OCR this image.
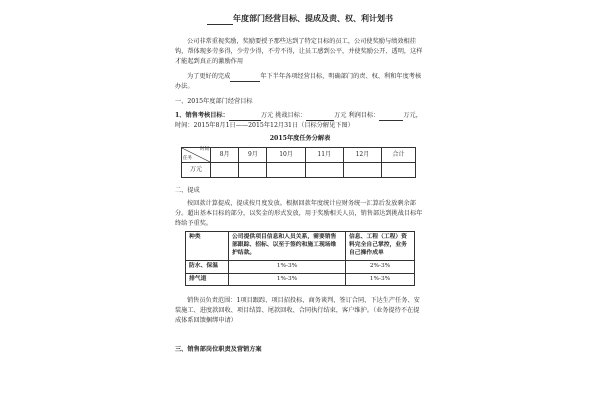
年度部门经营目标、提成及责、权、利计划书

公司非常重视奖励，奖励要授予那些达到了特定目标的员工，公司使奖励与绩效相挂钩，帮体现多劳多得，少劳少得，不劳不得，让员工感到公平，并使奖励公开、透明，这样才能起到真正的激励作用

为了更好的完成	年下半年各项经营目标，明确部门的责、权、利和年度考核办法。

一、2015年度部门经营目标

1、销售考核目标：	万元 挑战目标：	万元 利润目标：	万元，时间：2015年8月1日——2015年12月31日（目标分解见下图）

2015年度任务分解表
时间
任务	8月	9月	10月	11月	12月	合计
万元						

二、提成

按回款计算提成，提成按月度发放。根据回款年度统计应财务统一汇算后发放剩余部分。超出基本目标的部分，以奖金的形式发放，用于奖励相关人员，销售部达到挑战目标年终给予重奖。

种类	公司提供项目信息和人员关系，需要销售部跟踪、招标、以至于签约和施工现场维护结款。	信息、工程（工程）资料完全自己掌控，业务自己操作成单
防水、保温	1%-3%	2%-3%
排气道	1%-3%	1%-3%

销售员负责范围：1项目跟踪、项目招投标、商务谈判、签订合同、下达生产任务、安装施工、进度款回收、项目结算、尾款回收、合同执行结束，客户维护。（业务提待不在提成体系回馈捆绑申请）

三、销售部岗位职责及营销方案
